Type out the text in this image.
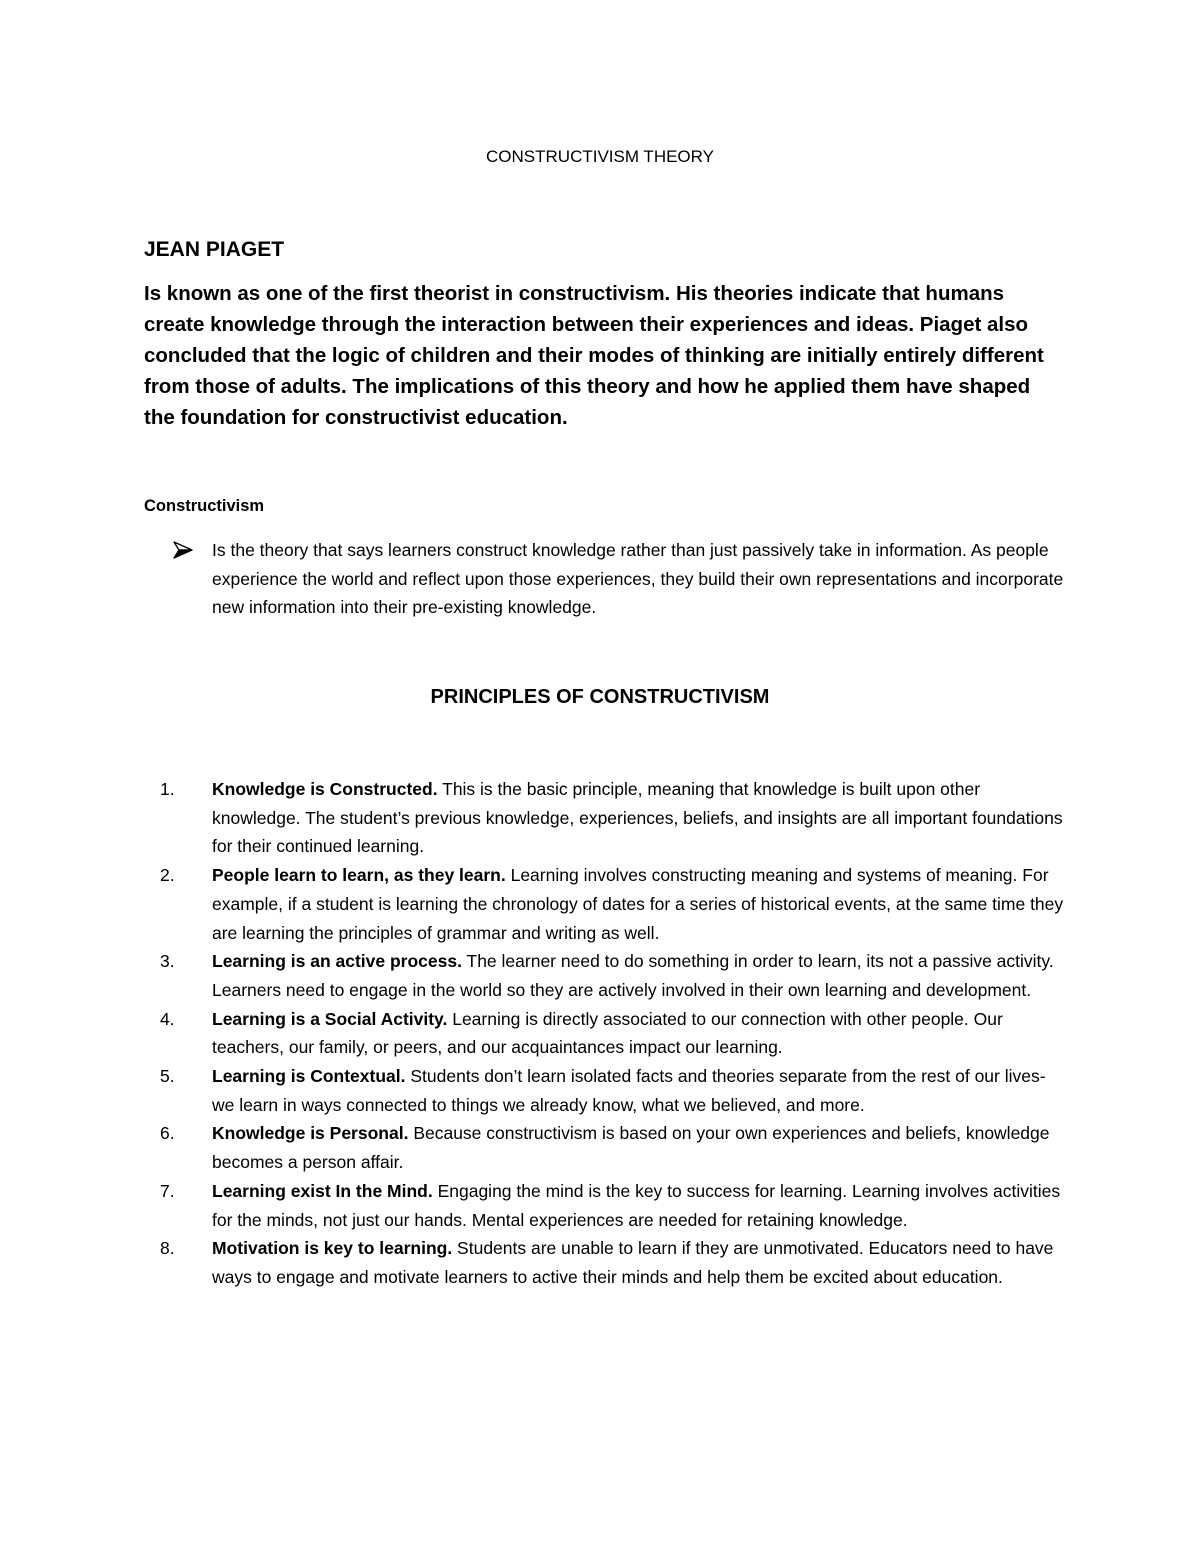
CONSTRUCTIVISM THEORY
JEAN PIAGET

Is known as one of the first theorist in constructivism. His theories indicate that humans create knowledge through the interaction between their experiences and ideas. Piaget also concluded that the logic of children and their modes of thinking are initially entirely different from those of adults. The implications of this theory and how he applied them have shaped the foundation for constructivist education.

Constructivism

Is the theory that says learners construct knowledge rather than just passively take in information. As people experience the world and reflect upon those experiences, they build their own representations and incorporate new information into their pre-existing knowledge.

PRINCIPLES OF CONSTRUCTIVISM
1. Knowledge is Constructed. This is the basic principle, meaning that knowledge is built upon other knowledge. The student’s previous knowledge, experiences, beliefs, and insights are all important foundations for their continued learning.
2. People learn to learn, as they learn. Learning involves constructing meaning and systems of meaning. For example, if a student is learning the chronology of dates for a series of historical events, at the same time they are learning the principles of grammar and writing as well.
3. Learning is an active process. The learner need to do something in order to learn, its not a passive activity. Learners need to engage in the world so they are actively involved in their own learning and development.
4. Learning is a Social Activity. Learning is directly associated to our connection with other people. Our teachers, our family, or peers, and our acquaintances impact our learning.
5. Learning is Contextual. Students don’t learn isolated facts and theories separate from the rest of our lives- we learn in ways connected to things we already know, what we believed, and more.
6. Knowledge is Personal. Because constructivism is based on your own experiences and beliefs, knowledge becomes a person affair.
7. Learning exist In the Mind. Engaging the mind is the key to success for learning. Learning involves activities for the minds, not just our hands. Mental experiences are needed for retaining knowledge.
8. Motivation is key to learning. Students are unable to learn if they are unmotivated. Educators need to have ways to engage and motivate learners to active their minds and help them be excited about education.
